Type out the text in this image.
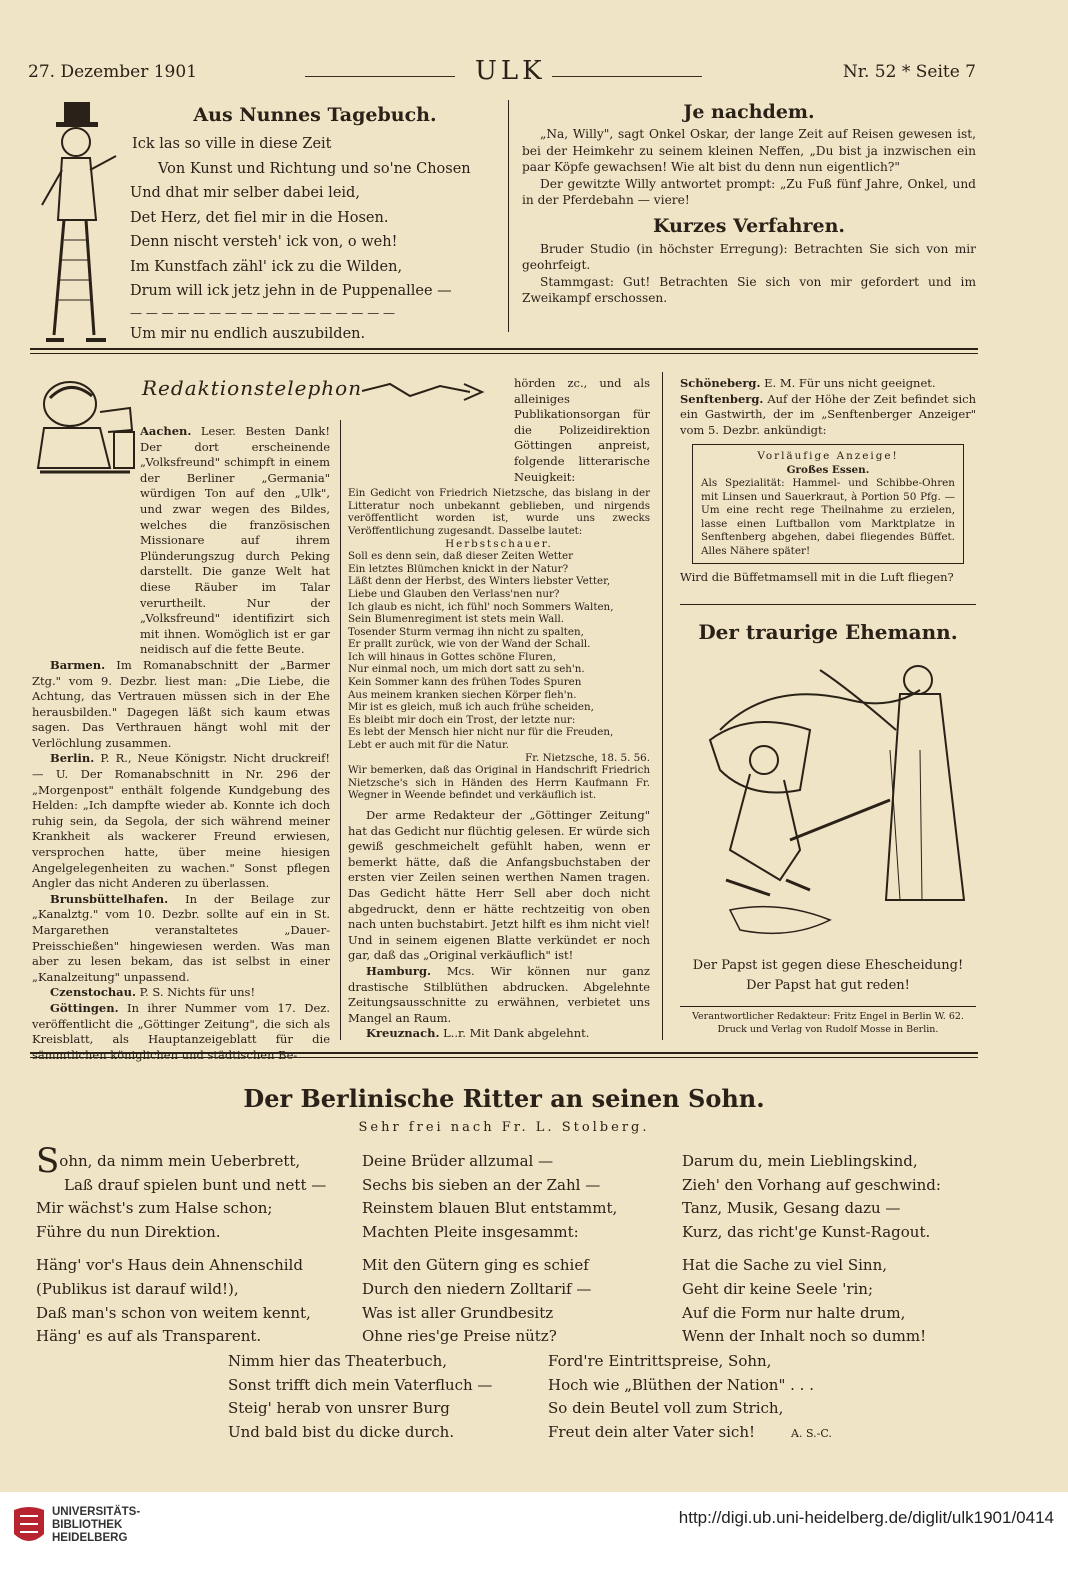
27. Dezember 1901	ULK	Nr. 52 * Seite 7
Aus Nunnes Tagebuch.
Ick las so ville in diese Zeit
Von Kunst und Richtung und so'ne Chosen
Und dhat mir selber dabei leid,
Det Herz, det fiel mir in die Hosen.
Denn nischt versteh' ick von, o weh!
Im Kunstfach zähl' ick zu die Wilden,
Drum will ick jetz jehn in de Puppenallee —
— — — — — — — — — — — — — — — — —
Um mir nu endlich auszubilden.
Je nachdem.

„Na, Willy", sagt Onkel Oskar, der lange Zeit auf Reisen gewesen ist, bei der Heimkehr zu seinem kleinen Neffen, „Du bist ja inzwischen ein paar Köpfe gewachsen! Wie alt bist du denn nun eigentlich?"

Der gewitzte Willy antwortet prompt: „Zu Fuß fünf Jahre, Onkel, und in der Pferdebahn — viere!

Kurzes Verfahren.

Bruder Studio (in höchster Erregung): Betrachten Sie sich von mir geohrfeigt.

Stammgast: Gut! Betrachten Sie sich von mir gefordert und im Zweikampf erschossen.

Redaktionstelephon

Aachen. Leser. Besten Dank! Der dort erscheinende „Volksfreund" schimpft in einem der Berliner „Germania" würdigen Ton auf den „Ulk", und zwar wegen des Bildes, welches die französischen Missionare auf ihrem Plünderungszug durch Peking darstellt. Die ganze Welt hat diese Räuber im Talar verurtheilt. Nur der „Volksfreund" identifizirt sich mit ihnen. Womöglich ist er gar neidisch auf die fette Beute.

Barmen. Im Romanabschnitt der „Barmer Ztg." vom 9. Dezbr. liest man: „Die Liebe, die Achtung, das Vertrauen müssen sich in der Ehe herausbilden." Dagegen läßt sich kaum etwas sagen. Das Verthrauen hängt wohl mit der Verlöchlung zusammen.

Berlin. P. R., Neue Königstr. Nicht druckreif! — U. Der Romanabschnitt in Nr. 296 der „Morgenpost" enthält folgende Kundgebung des Helden: „Ich dampfte wieder ab. Konnte ich doch ruhig sein, da Segola, der sich während meiner Krankheit als wackerer Freund erwiesen, versprochen hatte, über meine hiesigen Angelgelegenheiten zu wachen." Sonst pflegen Angler das nicht Anderen zu überlassen.

Brunsbüttelhafen. In der Beilage zur „Kanalztg." vom 10. Dezbr. sollte auf ein in St. Margarethen veranstaltetes „Dauer-Preisschießen" hingewiesen werden. Was man aber zu lesen bekam, das ist selbst in einer „Kanalzeitung" unpassend.

Czenstochau. P. S. Nichts für uns!

Göttingen. In ihrer Nummer vom 17. Dez. veröffentlicht die „Göttinger Zeitung", die sich als Kreisblatt, als Hauptanzeigeblatt für die sämmtlichen königlichen und städtischen Be-

hörden zc., und als alleiniges Publikationsorgan für die Polizeidirektion Göttingen anpreist, folgende litterarische Neuigkeit:

Ein Gedicht von Friedrich Nietzsche, das bislang in der Litteratur noch unbekannt geblieben, und nirgends veröffentlicht worden ist, wurde uns zwecks Veröffentlichung zugesandt. Dasselbe lautet:
Herbstschauer.
Soll es denn sein, daß dieser Zeiten Wetter
Ein letztes Blümchen knickt in der Natur?
Läßt denn der Herbst, des Winters liebster Vetter,
Liebe und Glauben den Verlass'nen nur?
Ich glaub es nicht, ich fühl' noch Sommers Walten,
Sein Blumenregiment ist stets mein Wall.
Tosender Sturm vermag ihn nicht zu spalten,
Er prallt zurück, wie von der Wand der Schall.
Ich will hinaus in Gottes schöne Fluren,
Nur einmal noch, um mich dort satt zu seh'n.
Kein Sommer kann des frühen Todes Spuren
Aus meinem kranken siechen Körper fleh'n.
Mir ist es gleich, muß ich auch frühe scheiden,
Es bleibt mir doch ein Trost, der letzte nur:
Es lebt der Mensch hier nicht nur für die Freuden,
Lebt er auch mit für die Natur.
Fr. Nietzsche, 18. 5. 56.
Wir bemerken, daß das Original in Handschrift Friedrich Nietzsche's sich in Händen des Herrn Kaufmann Fr. Wegner in Weende befindet und verkäuflich ist.

Der arme Redakteur der „Göttinger Zeitung" hat das Gedicht nur flüchtig gelesen. Er würde sich gewiß geschmeichelt gefühlt haben, wenn er bemerkt hätte, daß die Anfangsbuchstaben der ersten vier Zeilen seinen werthen Namen tragen. Das Gedicht hätte Herr Sell aber doch nicht abgedruckt, denn er hätte rechtzeitig von oben nach unten buchstabirt. Jetzt hilft es ihm nicht viel! Und in seinem eigenen Blatte verkündet er noch gar, daß das „Original verkäuflich" ist!

Hamburg. Mcs. Wir können nur ganz drastische Stilblüthen abdrucken. Abgelehnte Zeitungsausschnitte zu erwähnen, verbietet uns Mangel an Raum.

Kreuznach. L..r. Mit Dank abgelehnt.

Schöneberg. E. M. Für uns nicht geeignet.

Senftenberg. Auf der Höhe der Zeit befindet sich ein Gastwirth, der im „Senftenberger Anzeiger" vom 5. Dezbr. ankündigt:

Vorläufige Anzeige!
Großes Essen.
Als Spezialität: Hammel- und Schibbe-Ohren mit Linsen und Sauerkraut, à Portion 50 Pfg. — Um eine recht rege Theilnahme zu erzielen, lasse einen Luftballon vom Marktplatze in Senftenberg abgehen, dabei fliegendes Büffet. Alles Nähere später!
Wird die Büffetmamsell mit in die Luft fliegen?
Der traurige Ehemann.
Der Papst ist gegen diese Ehescheidung!
Der Papst hat gut reden!
Verantwortlicher Redakteur: Fritz Engel in Berlin W. 62.
Druck und Verlag von Rudolf Mosse in Berlin.
Der Berlinische Ritter an seinen Sohn.
Sehr frei nach Fr. L. Stolberg.
Sohn, da nimm mein Ueberbrett,
Laß drauf spielen bunt und nett —
Mir wächst's zum Halse schon;
Führe du nun Direktion.
Häng' vor's Haus dein Ahnenschild
(Publikus ist darauf wild!),
Daß man's schon von weitem kennt,
Häng' es auf als Transparent.
Deine Brüder allzumal —
Sechs bis sieben an der Zahl —
Reinstem blauen Blut entstammt,
Machten Pleite insgesammt:
Mit den Gütern ging es schief
Durch den niedern Zolltarif —
Was ist aller Grundbesitz
Ohne ries'ge Preise nütz?
Darum du, mein Lieblingskind,
Zieh' den Vorhang auf geschwind:
Tanz, Musik, Gesang dazu —
Kurz, das richt'ge Kunst-Ragout.
Hat die Sache zu viel Sinn,
Geht dir keine Seele 'rin;
Auf die Form nur halte drum,
Wenn der Inhalt noch so dumm!
Nimm hier das Theaterbuch,
Sonst trifft dich mein Vaterfluch —
Steig' herab von unsrer Burg
Und bald bist du dicke durch.
Ford're Eintrittspreise, Sohn,
Hoch wie „Blüthen der Nation" . . .
So dein Beutel voll zum Strich,
Freut dein alter Vater sich!	A. S.-C.
UNIVERSITÄTS-
BIBLIOTHEK
HEIDELBERG
http://digi.ub.uni-heidelberg.de/diglit/ulk1901/0414
